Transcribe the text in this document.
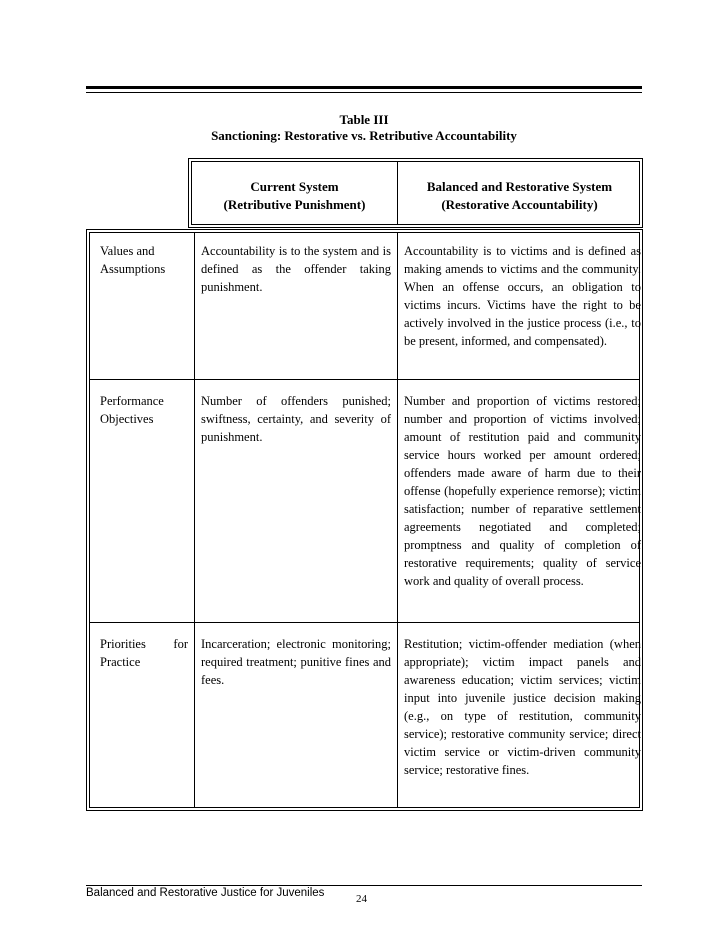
Table III
Sanctioning: Restorative vs. Retributive Accountability
Current System
(Retributive Punishment)
Balanced and Restorative System
(Restorative Accountability)
Values and Assumptions
Accountability is to the system and is defined as the offender taking punishment.
Accountability is to victims and is defined as making amends to victims and the community. When an offense occurs, an obligation to victims incurs. Victims have the right to be actively involved in the justice process (i.e., to be present, informed, and compensated).
Performance Objectives
Number of offenders punished; swiftness, certainty, and severity of punishment.
Number and proportion of victims restored; number and proportion of victims involved; amount of restitution paid and community service hours worked per amount ordered; offenders made aware of harm due to their offense (hopefully experience remorse); victim satisfaction; number of reparative settlement agreements negotiated and completed; promptness and quality of completion of restorative requirements; quality of service work and quality of overall process.
Priorities for Practice
Incarceration; electronic monitoring; required treatment; punitive fines and fees.
Restitution; victim-offender mediation (when appropriate); victim impact panels and awareness education; victim services; victim input into juvenile justice decision making (e.g., on type of restitution, community service); restorative community service; direct victim service or victim-driven community service; restorative fines.
Balanced and Restorative Justice for Juveniles	24
